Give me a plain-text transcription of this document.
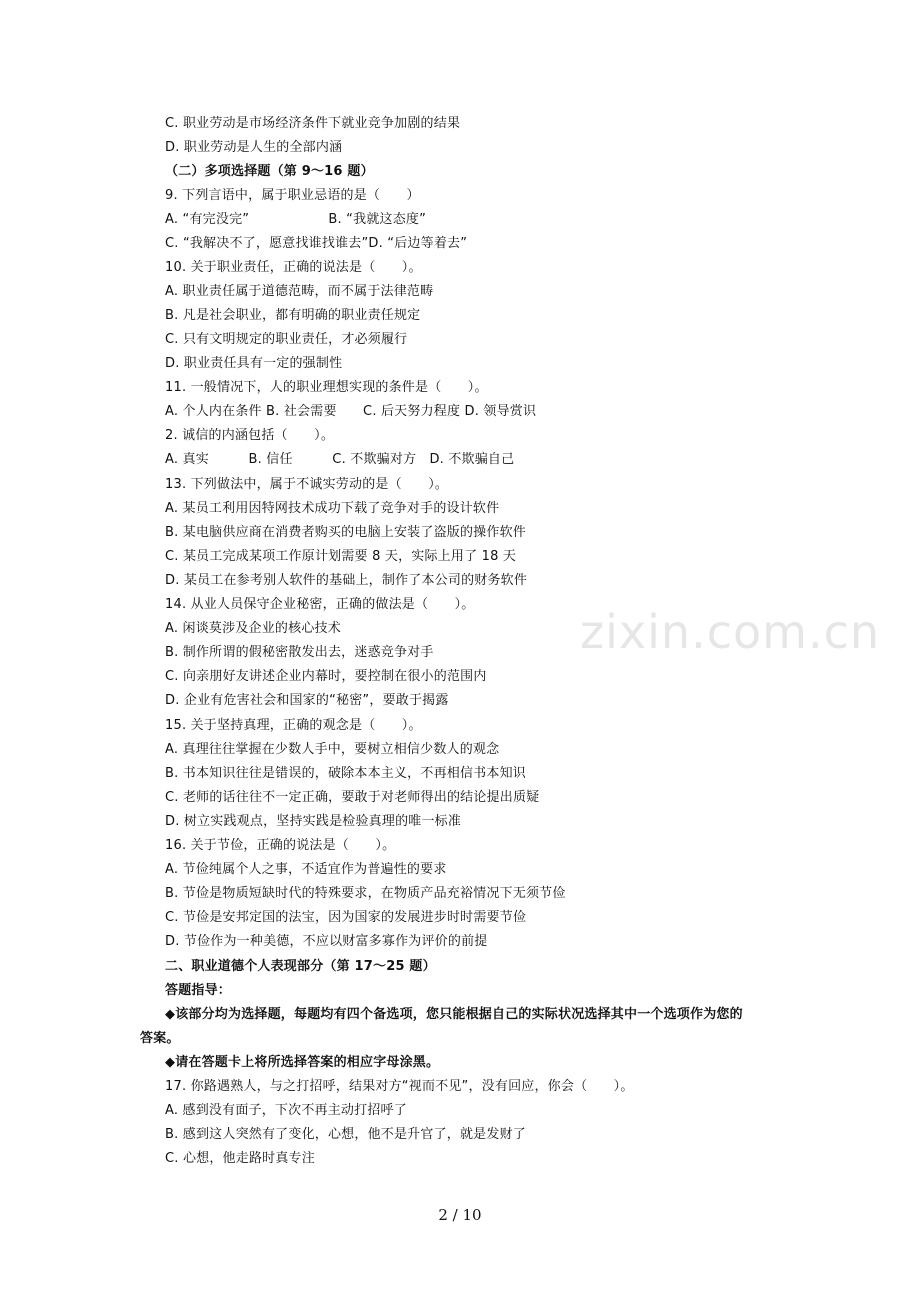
zixin.com.cn
C. 职业劳动是市场经济条件下就业竞争加剧的结果
D. 职业劳动是人生的全部内涵
（二）多项选择题（第 9～16 题）
9. 下列言语中，属于职业忌语的是（　　）
A. “有完没完”　　　　　　B. “我就这态度”
C. “我解决不了，愿意找谁找谁去”D. “后边等着去”
10. 关于职业责任，正确的说法是（　　）。
A. 职业责任属于道德范畴，而不属于法律范畴
B. 凡是社会职业，都有明确的职业责任规定
C. 只有文明规定的职业责任，才必须履行
D. 职业责任具有一定的强制性
11. 一般情况下，人的职业理想实现的条件是（　　）。
A. 个人内在条件 B. 社会需要　　C. 后天努力程度 D. 领导赏识
2. 诚信的内涵包括（　　）。
A. 真实　　　B. 信任　　　C. 不欺骗对方　D. 不欺骗自己
13. 下列做法中，属于不诚实劳动的是（　　）。
A. 某员工利用因特网技术成功下载了竞争对手的设计软件
B. 某电脑供应商在消费者购买的电脑上安装了盗版的操作软件
C. 某员工完成某项工作原计划需要 8 天，实际上用了 18 天
D. 某员工在参考别人软件的基础上，制作了本公司的财务软件
14. 从业人员保守企业秘密，正确的做法是（　　）。
A. 闲谈莫涉及企业的核心技术
B. 制作所谓的假秘密散发出去，迷惑竞争对手
C. 向亲朋好友讲述企业内幕时，要控制在很小的范围内
D. 企业有危害社会和国家的“秘密”，要敢于揭露
15. 关于坚持真理，正确的观念是（　　）。
A. 真理往往掌握在少数人手中，要树立相信少数人的观念
B. 书本知识往往是错误的，破除本本主义，不再相信书本知识
C. 老师的话往往不一定正确，要敢于对老师得出的结论提出质疑
D. 树立实践观点，坚持实践是检验真理的唯一标准
16. 关于节俭，正确的说法是（　　）。
A. 节俭纯属个人之事，不适宜作为普遍性的要求
B. 节俭是物质短缺时代的特殊要求，在物质产品充裕情况下无须节俭
C. 节俭是安邦定国的法宝，因为国家的发展进步时时需要节俭
D. 节俭作为一种美德，不应以财富多寡作为评价的前提
二、职业道德个人表现部分（第 17～25 题）
答题指导：
◆该部分均为选择题，每题均有四个备选项，您只能根据自己的实际状况选择其中一个选项作为您的
答案。
◆请在答题卡上将所选择答案的相应字母涂黑。
17. 你路遇熟人，与之打招呼，结果对方“视而不见”，没有回应，你会（　　）。
A. 感到没有面子，下次不再主动打招呼了
B. 感到这人突然有了变化，心想，他不是升官了，就是发财了
C. 心想，他走路时真专注
2 / 10
